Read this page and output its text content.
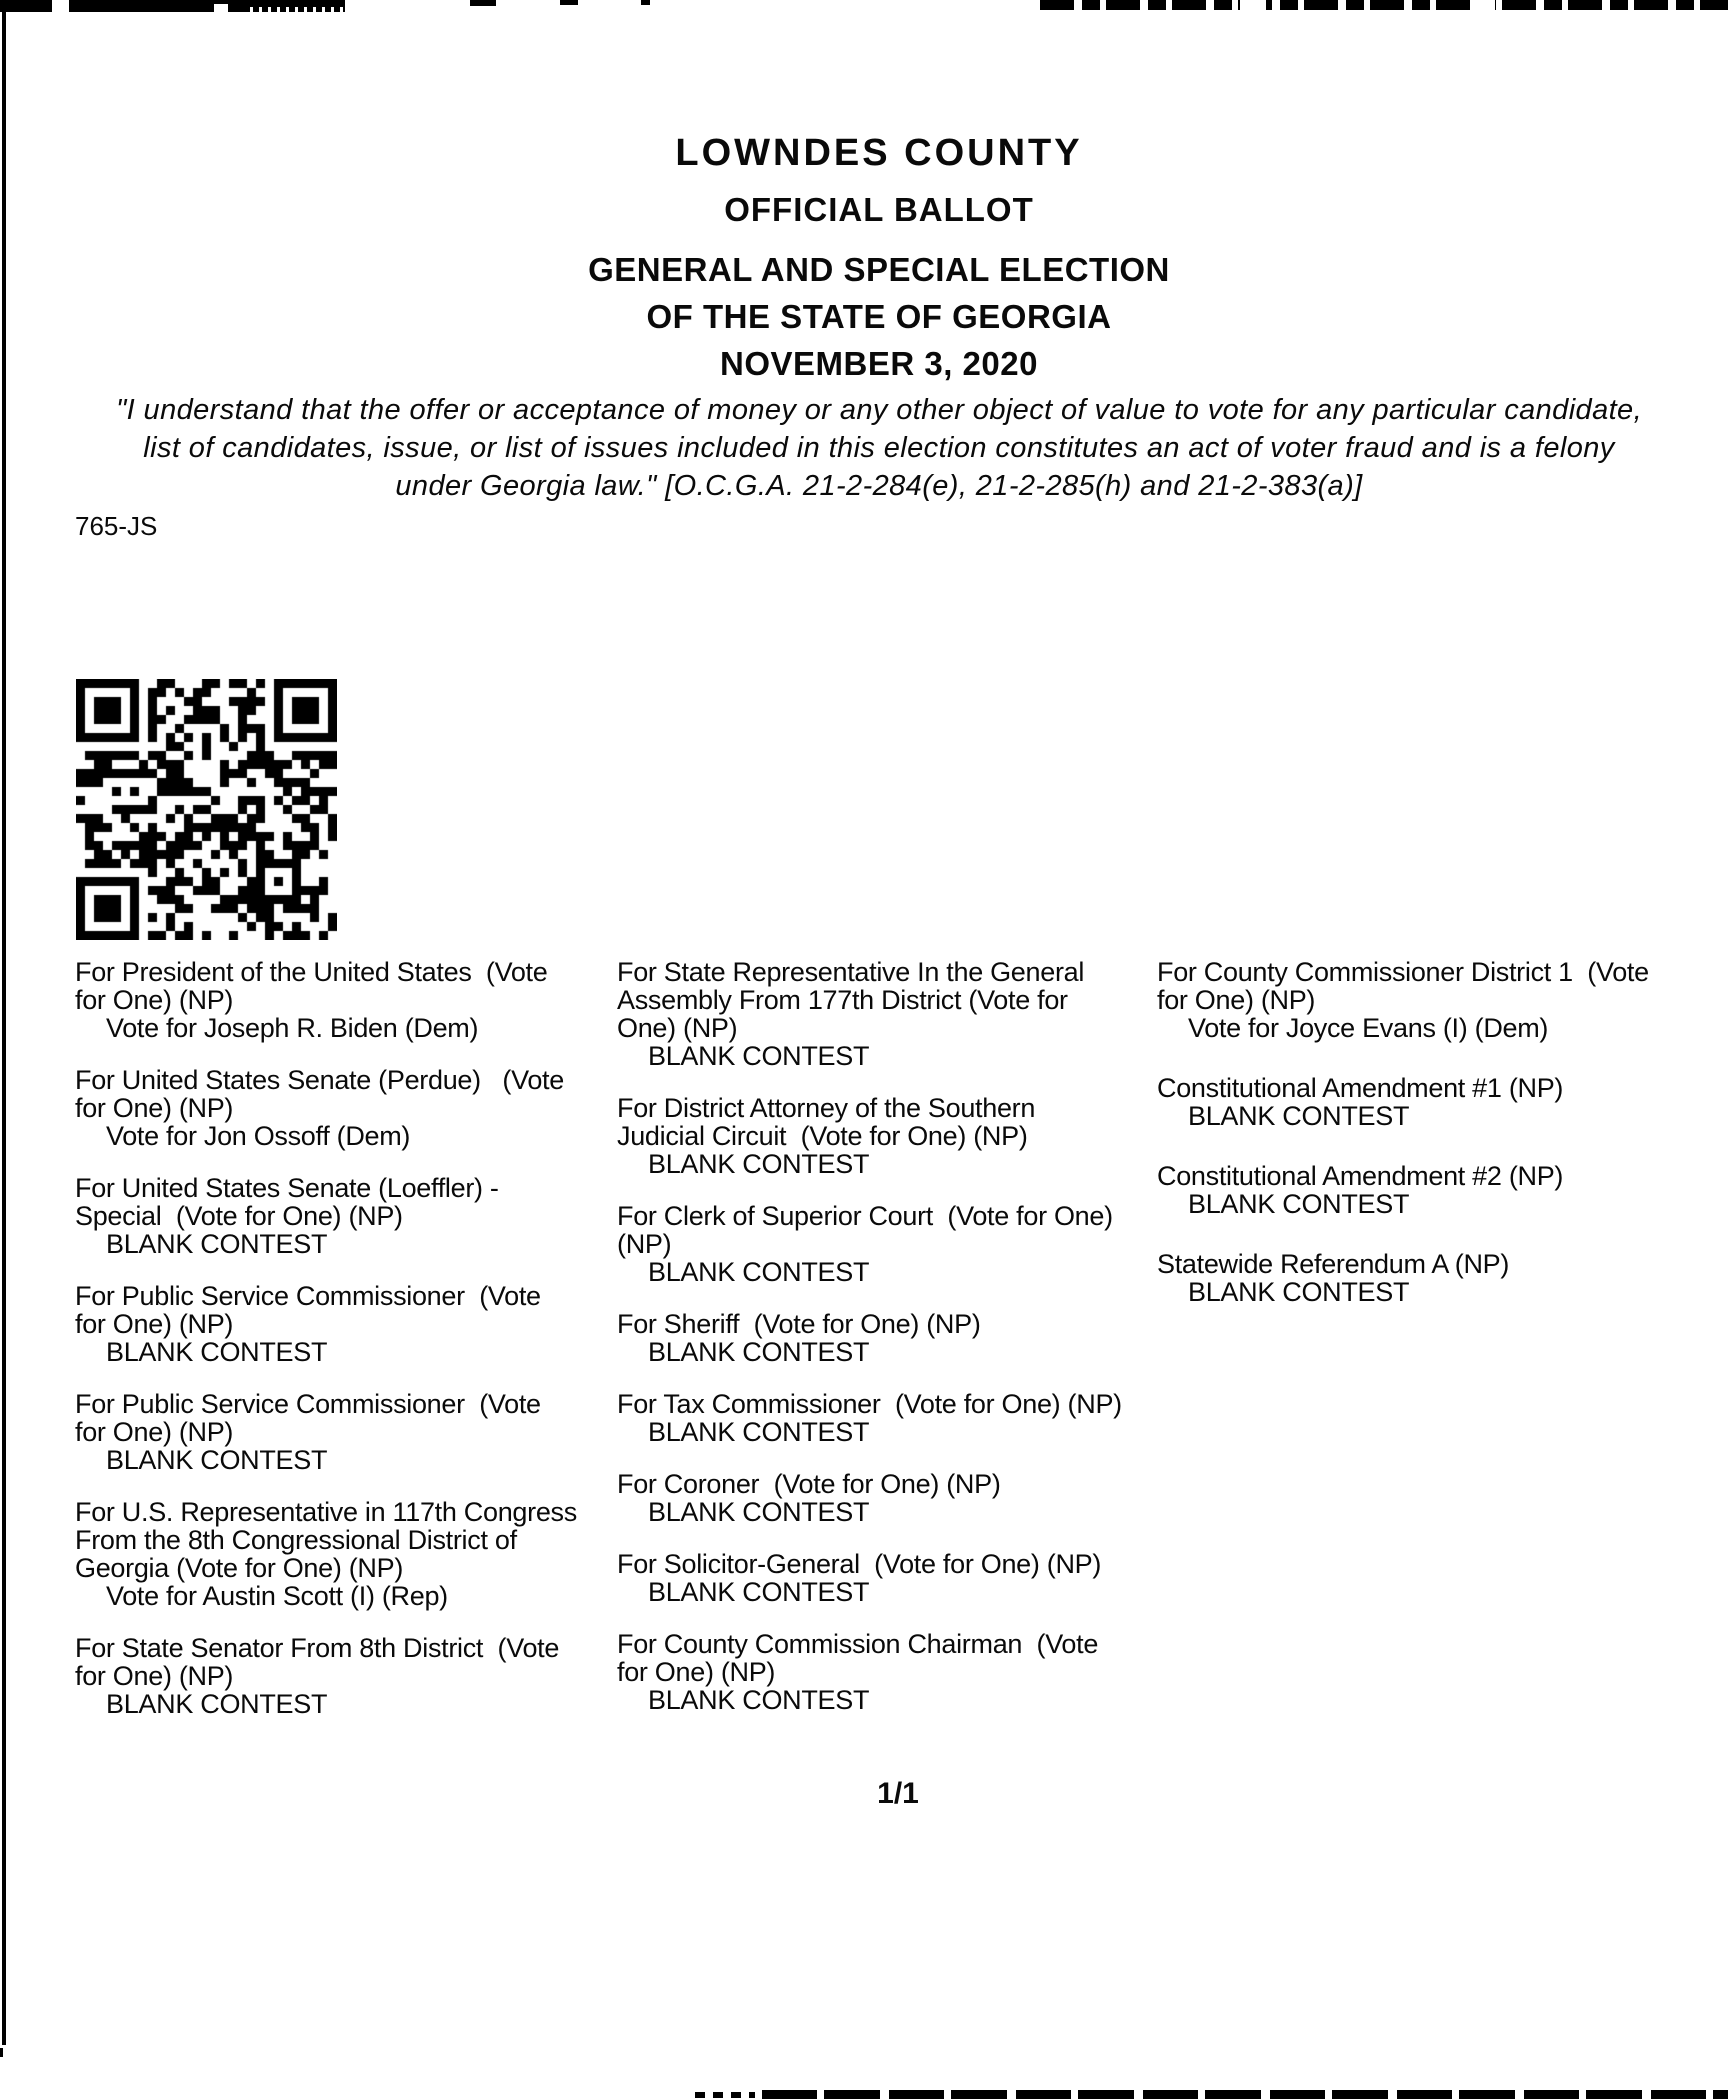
LOWNDES COUNTY
OFFICIAL BALLOT
GENERAL AND SPECIAL ELECTION
OF THE STATE OF GEORGIA
NOVEMBER 3, 2020
"I understand that the offer or acceptance of money or any other object of value to vote for any particular candidate,
list of candidates, issue, or list of issues included in this election constitutes an act of voter fraud and is a felony
under Georgia law." [O.C.G.A. 21-2-284(e), 21-2-285(h) and 21-2-383(a)]
765-JS
For President of the United States  (Vote
for One) (NP)
Vote for Joseph R. Biden (Dem)
For United States Senate (Perdue)   (Vote
for One) (NP)
Vote for Jon Ossoff (Dem)
For United States Senate (Loeffler) -
Special  (Vote for One) (NP)
BLANK CONTEST
For Public Service Commissioner  (Vote
for One) (NP)
BLANK CONTEST
For Public Service Commissioner  (Vote
for One) (NP)
BLANK CONTEST
For U.S. Representative in 117th Congress
From the 8th Congressional District of
Georgia (Vote for One) (NP)
Vote for Austin Scott (I) (Rep)
For State Senator From 8th District  (Vote
for One) (NP)
BLANK CONTEST
For State Representative In the General
Assembly From 177th District (Vote for
One) (NP)
BLANK CONTEST
For District Attorney of the Southern
Judicial Circuit  (Vote for One) (NP)
BLANK CONTEST
For Clerk of Superior Court  (Vote for One)
(NP)
BLANK CONTEST
For Sheriff  (Vote for One) (NP)
BLANK CONTEST
For Tax Commissioner  (Vote for One) (NP)
BLANK CONTEST
For Coroner  (Vote for One) (NP)
BLANK CONTEST
For Solicitor-General  (Vote for One) (NP)
BLANK CONTEST
For County Commission Chairman  (Vote
for One) (NP)
BLANK CONTEST
For County Commissioner District 1  (Vote
for One) (NP)
Vote for Joyce Evans (I) (Dem)
Constitutional Amendment #1 (NP)
BLANK CONTEST
Constitutional Amendment #2 (NP)
BLANK CONTEST
Statewide Referendum A (NP)
BLANK CONTEST
1/1
